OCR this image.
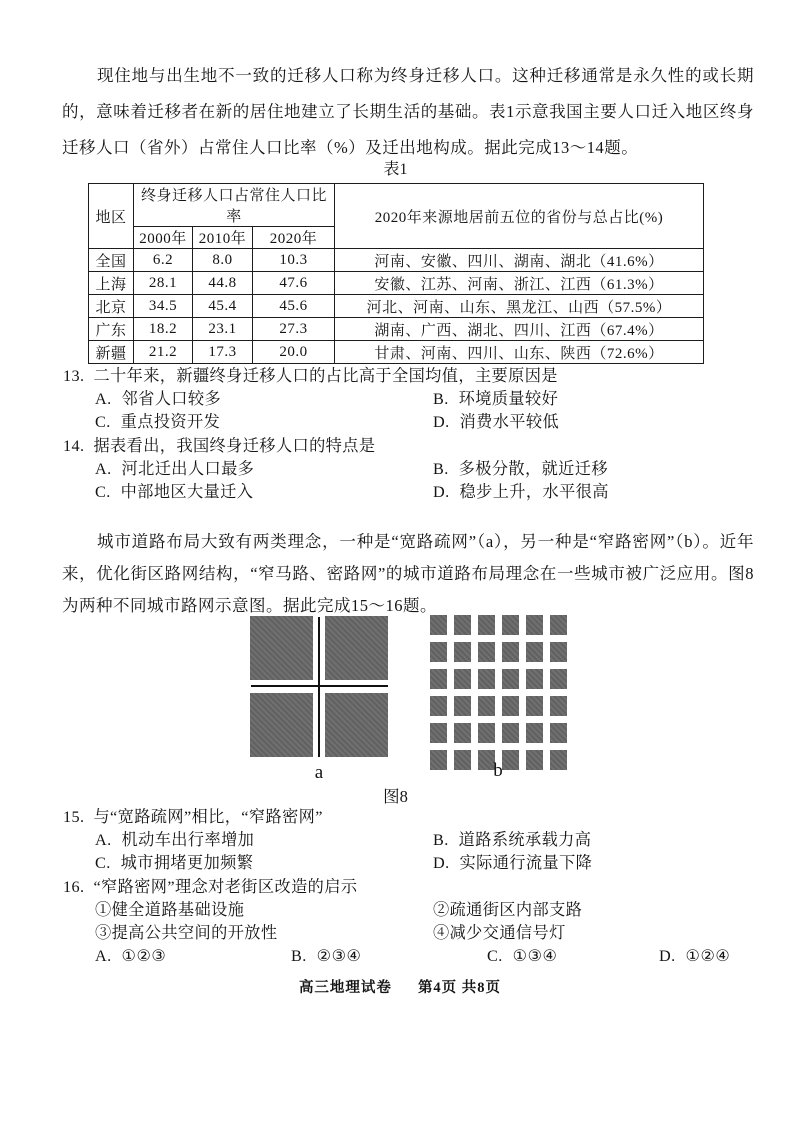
现住地与出生地不一致的迁移人口称为终身迁移人口。这种迁移通常是永久性的或长期的，意味着迁移者在新的居住地建立了长期生活的基础。表1示意我国主要人口迁入地区终身迁移人口（省外）占常住人口比率（%）及迁出地构成。据此完成13～14题。
表1
地区	终身迁移人口占常住人口比率			2020年来源地居前五位的省份与总占比(%)
	2000年	2010年	2020年	
全国	6.2	8.0	10.3	河南、安徽、四川、湖南、湖北（41.6%）
上海	28.1	44.8	47.6	安徽、江苏、河南、浙江、江西（61.3%）
北京	34.5	45.4	45.6	河北、河南、山东、黑龙江、山西（57.5%）
广东	18.2	23.1	27.3	湖南、广西、湖北、四川、江西（67.4%）
新疆	21.2	17.3	20.0	甘肃、河南、四川、山东、陕西（72.6%）
13. 二十年来，新疆终身迁移人口的占比高于全国均值，主要原因是
A. 邻省人口较多	B. 环境质量较好
C. 重点投资开发	D. 消费水平较低
14. 据表看出，我国终身迁移人口的特点是
A. 河北迁出人口最多	B. 多极分散，就近迁移
C. 中部地区大量迁入	D. 稳步上升，水平很高
城市道路布局大致有两类理念，一种是“宽路疏网”（a），另一种是“窄路密网”（b）。近年来，优化街区路网结构，“窄马路、密路网”的城市道路布局理念在一些城市被广泛应用。图8为两种不同城市路网示意图。据此完成15～16题。
a	b
图8
15. 与“宽路疏网”相比，“窄路密网”
A. 机动车出行率增加	B. 道路系统承载力高
C. 城市拥堵更加频繁	D. 实际通行流量下降
16. “窄路密网”理念对老街区改造的启示
①健全道路基础设施	②疏通街区内部支路
③提高公共空间的开放性	④减少交通信号灯
A. ①②③	B. ②③④	C. ①③④	D. ①②④
高三地理试卷 第4页 共8页
